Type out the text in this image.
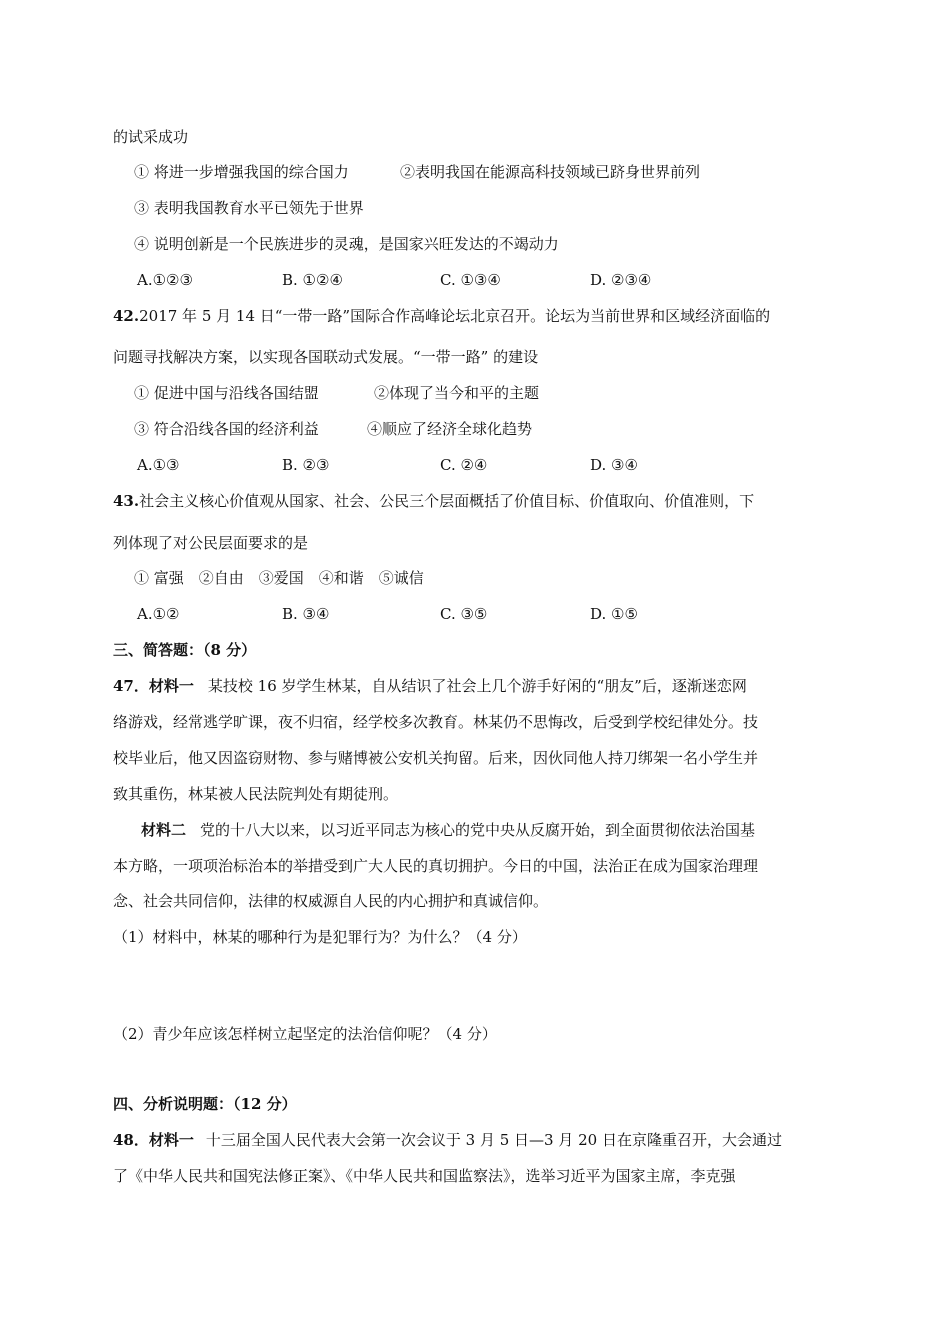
的试采成功
① 将进一步增强我国的综合国力	②表明我国在能源高科技领域已跻身世界前列
③ 表明我国教育水平已领先于世界
④ 说明创新是一个民族进步的灵魂，是国家兴旺发达的不竭动力
A.①②③	B. ①②④	C. ①③④	D. ②③④
42.2017 年 5 月 14 日“一带一路”国际合作高峰论坛北京召开。论坛为当前世界和区域经济面临的
问题寻找解决方案，以实现各国联动式发展。“一带一路” 的建设
① 促进中国与沿线各国结盟	②体现了当今和平的主题
③ 符合沿线各国的经济利益	④顺应了经济全球化趋势
A.①③	B. ②③	C. ②④	D. ③④
43.社会主义核心价值观从国家、社会、公民三个层面概括了价值目标、价值取向、价值准则，下
列体现了对公民层面要求的是
① 富强　②自由　③爱国　④和谐　⑤诚信
A.①②	B. ③④	C. ③⑤	D. ①⑤
三、简答题：（8 分）
47．材料一 某技校 16 岁学生林某，自从结识了社会上几个游手好闲的“朋友”后，逐渐迷恋网
络游戏，经常逃学旷课，夜不归宿，经学校多次教育。林某仍不思悔改，后受到学校纪律处分。技
校毕业后，他又因盗窃财物、参与赌博被公安机关拘留。后来，因伙同他人持刀绑架一名小学生并
致其重伤，林某被人民法院判处有期徒刑。
材料二 党的十八大以来，以习近平同志为核心的党中央从反腐开始，到全面贯彻依法治国基
本方略，一项项治标治本的举措受到广大人民的真切拥护。今日的中国，法治正在成为国家治理理
念、社会共同信仰，法律的权威源自人民的内心拥护和真诚信仰。
（1）材料中，林某的哪种行为是犯罪行为？为什么？（4 分）
（2）青少年应该怎样树立起坚定的法治信仰呢？（4 分）
四、分析说明题：（12 分）
48．材料一 十三届全国人民代表大会第一次会议于 3 月 5 日—3 月 20 日在京隆重召开，大会通过
了《中华人民共和国宪法修正案》、《中华人民共和国监察法》，选举习近平为国家主席，李克强
